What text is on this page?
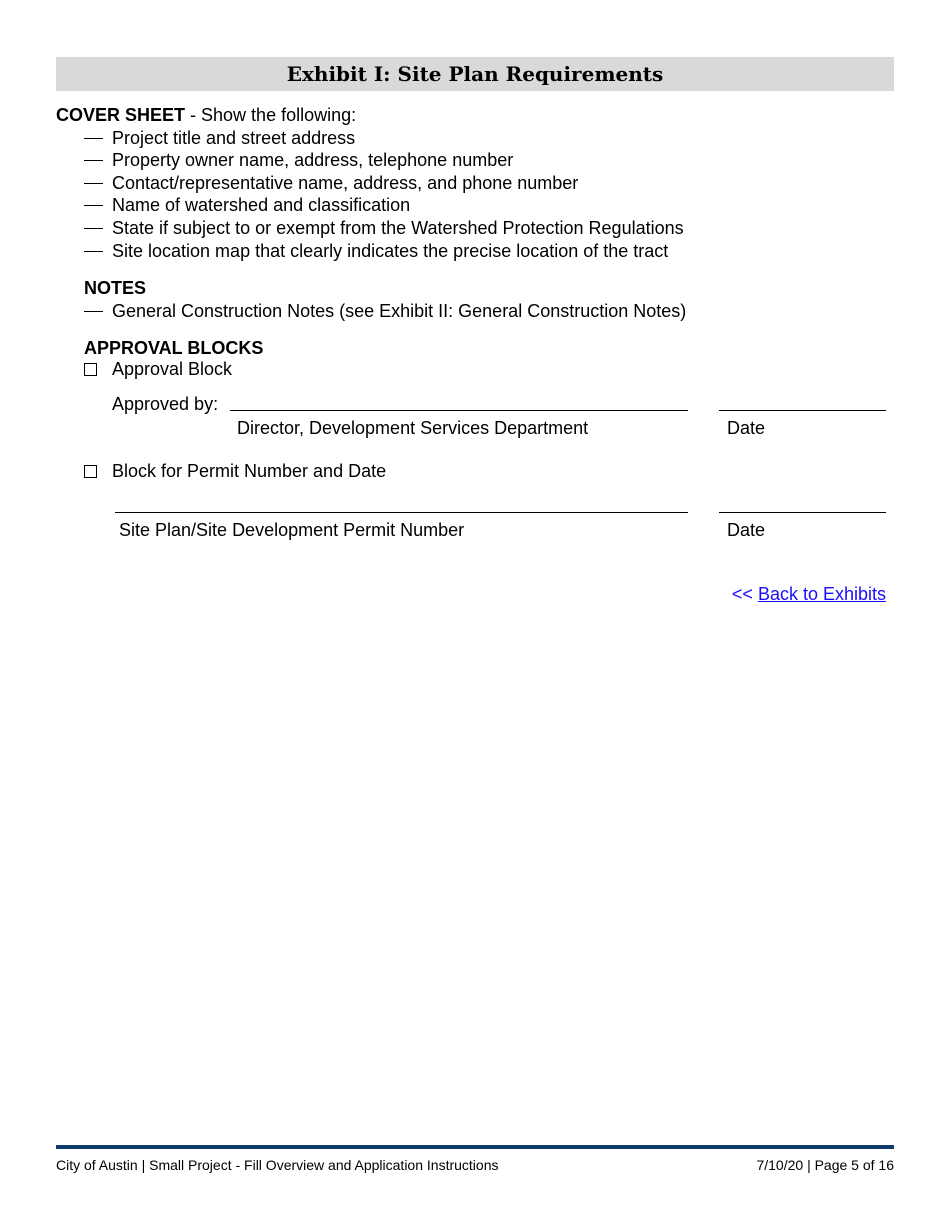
Exhibit I: Site Plan Requirements
COVER SHEET - Show the following:
Project title and street address
Property owner name, address, telephone number
Contact/representative name, address, and phone number
Name of watershed and classification
State if subject to or exempt from the Watershed Protection Regulations
Site location map that clearly indicates the precise location of the tract
NOTES
General Construction Notes (see Exhibit II: General Construction Notes)
APPROVAL BLOCKS
Approval Block
Approved by:
Director, Development Services Department	Date
Block for Permit Number and Date
Site Plan/Site Development Permit Number	Date
<< Back to Exhibits
City of Austin | Small Project - Fill Overview and Application Instructions	7/10/20 | Page 5 of 16
